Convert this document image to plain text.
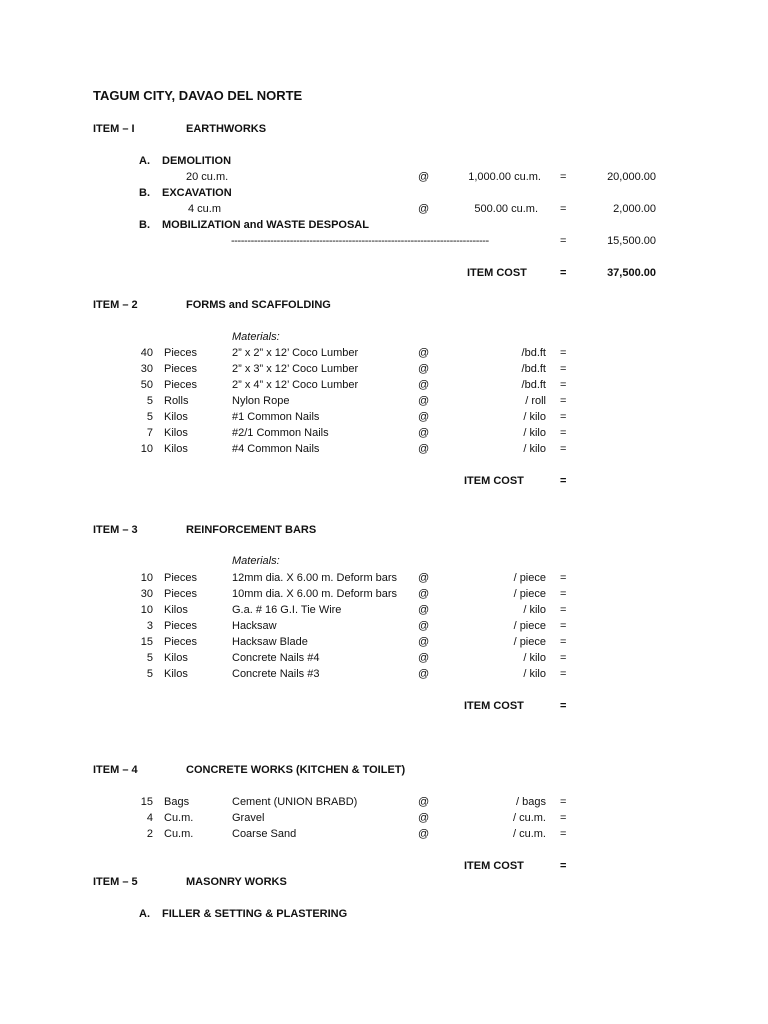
TAGUM CITY, DAVAO DEL NORTE
ITEM – I	EARTHWORKS
A. DEMOLITION
20 cu.m.	@	1,000.00 cu.m. =	20,000.00
B. EXCAVATION
4 cu.m	@	500.00 cu.m. =	2,000.00
B. MOBILIZATION and WASTE DESPOSAL
-------------------------------------------------------------------------------	=	15,500.00
ITEM COST	=	37,500.00
ITEM – 2	FORMS and SCAFFOLDING
Materials:
40 Pieces	2” x 2” x 12’ Coco Lumber	@	/bd.ft =
30 Pieces	2” x 3” x 12’ Coco Lumber	@	/bd.ft =
50 Pieces	2” x 4” x 12’ Coco Lumber	@	/bd.ft =
5 Rolls	Nylon Rope	@	/ roll =
5 Kilos	#1 Common Nails	@	/ kilo =
7 Kilos	#2/1 Common Nails	@	/ kilo =
10 Kilos	#4 Common Nails	@	/ kilo =
ITEM COST	=
ITEM – 3	REINFORCEMENT BARS
Materials:
10 Pieces	12mm dia. X 6.00 m. Deform bars @	/ piece =
30 Pieces	10mm dia. X 6.00 m. Deform bars @	/ piece =
10 Kilos	G.a. # 16 G.I. Tie Wire	@	/ kilo =
3 Pieces	Hacksaw	@	/ piece =
15 Pieces	Hacksaw Blade	@	/ piece =
5 Kilos	Concrete Nails #4	@	/ kilo =
5 Kilos	Concrete Nails #3	@	/ kilo =
ITEM COST	=
ITEM – 4	CONCRETE WORKS (KITCHEN & TOILET)
15 Bags	Cement (UNION BRABD)	@	/ bags =
4 Cu.m.	Gravel	@	/ cu.m. =
2 Cu.m.	Coarse Sand	@	/ cu.m. =
ITEM COST	=
ITEM – 5	MASONRY WORKS
A. FILLER & SETTING & PLASTERING
